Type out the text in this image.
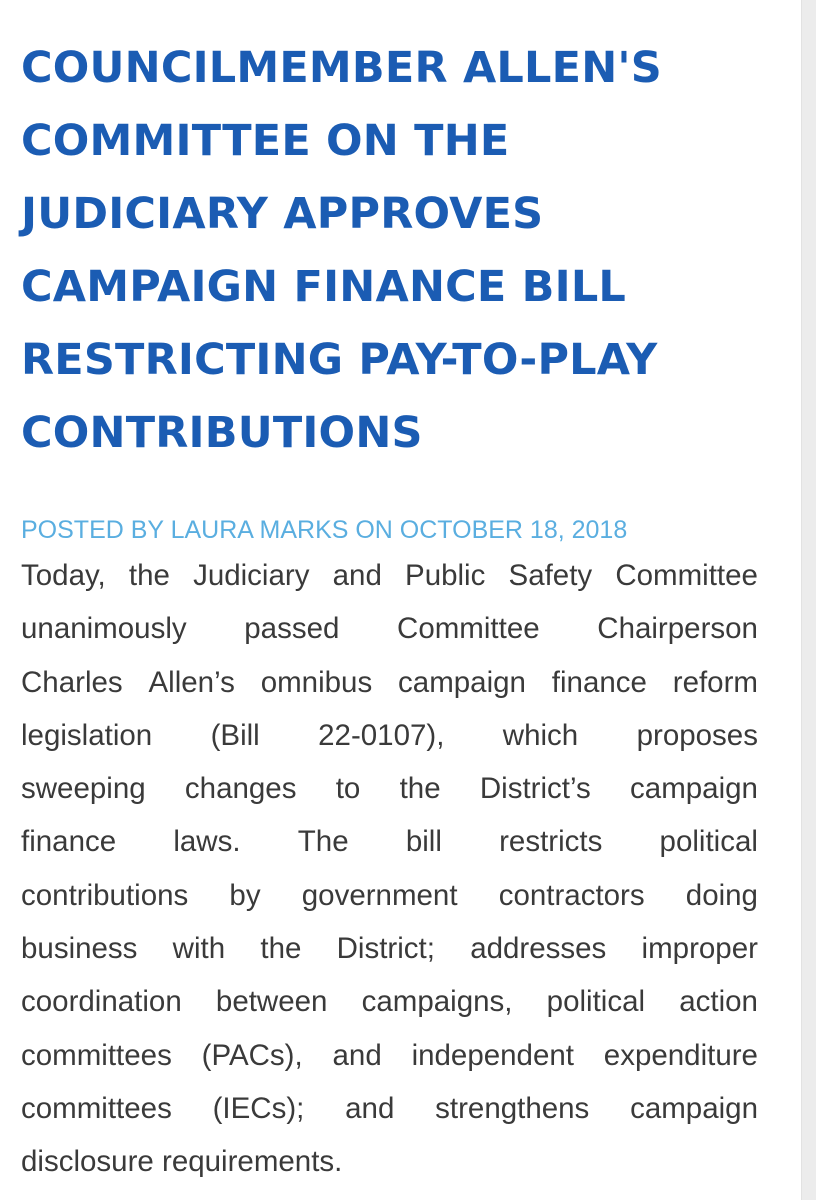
COUNCILMEMBER ALLEN'S
COMMITTEE ON THE
JUDICIARY APPROVES
CAMPAIGN FINANCE BILL
RESTRICTING PAY-TO-PLAY
CONTRIBUTIONS
POSTED BY LAURA MARKS ON OCTOBER 18, 2018

Today, the Judiciary and Public Safety Committee
unanimously passed Committee Chairperson
Charles Allen’s omnibus campaign finance reform
legislation (Bill 22-0107), which proposes
sweeping changes to the District’s campaign
finance laws. The bill restricts political
contributions by government contractors doing
business with the District; addresses improper
coordination between campaigns, political action
committees (PACs), and independent expenditure
committees (IECs); and strengthens campaign
disclosure requirements.
